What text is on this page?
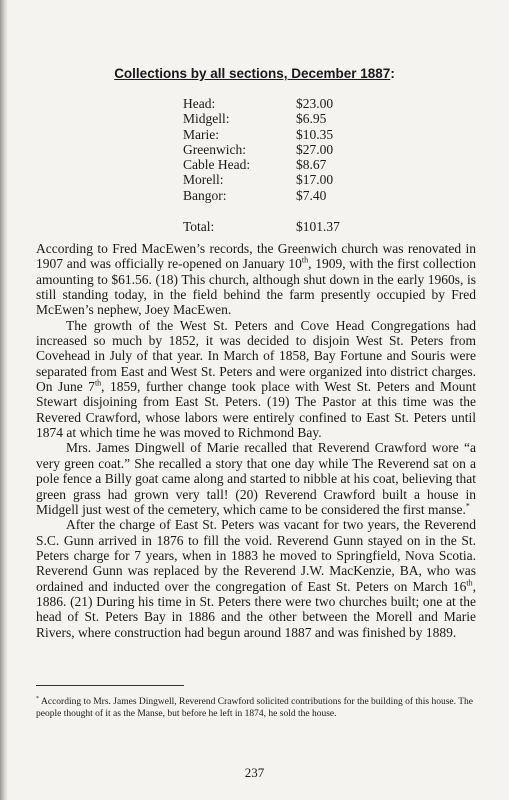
Collections by all sections, December 1887:
Head:	$23.00
Midgell:	$6.95
Marie:	$10.35
Greenwich:	$27.00
Cable Head:	$8.67
Morell:	$17.00
Bangor:	$7.40
Total:	$101.37

According to Fred MacEwen’s records, the Greenwich church was renovated in 1907 and was officially re-opened on January 10th, 1909, with the first collection amounting to $61.56. (18) This church, although shut down in the early 1960s, is still standing today, in the field behind the farm presently occupied by Fred McEwen’s nephew, Joey MacEwen.

The growth of the West St. Peters and Cove Head Congregations had increased so much by 1852, it was decided to disjoin West St. Peters from Covehead in July of that year. In March of 1858, Bay Fortune and Souris were separated from East and West St. Peters and were organized into district charges. On June 7th, 1859, further change took place with West St. Peters and Mount Stewart disjoining from East St. Peters. (19) The Pastor at this time was the Revered Crawford, whose labors were entirely confined to East St. Peters until 1874 at which time he was moved to Richmond Bay.

Mrs. James Dingwell of Marie recalled that Reverend Crawford wore “a very green coat.” She recalled a story that one day while The Reverend sat on a pole fence a Billy goat came along and started to nibble at his coat, believing that green grass had grown very tall! (20) Reverend Crawford built a house in Midgell just west of the cemetery, which came to be considered the first manse.*

After the charge of East St. Peters was vacant for two years, the Reverend S.C. Gunn arrived in 1876 to fill the void. Reverend Gunn stayed on in the St. Peters charge for 7 years, when in 1883 he moved to Springfield, Nova Scotia. Reverend Gunn was replaced by the Reverend J.W. MacKenzie, BA, who was ordained and inducted over the congregation of East St. Peters on March 16th, 1886. (21) During his time in St. Peters there were two churches built; one at the head of St. Peters Bay in 1886 and the other between the Morell and Marie Rivers, where construction had begun around 1887 and was finished by 1889.

* According to Mrs. James Dingwell, Reverend Crawford solicited contributions for the building of this house. The people thought of it as the Manse, but before he left in 1874, he sold the house.
237
